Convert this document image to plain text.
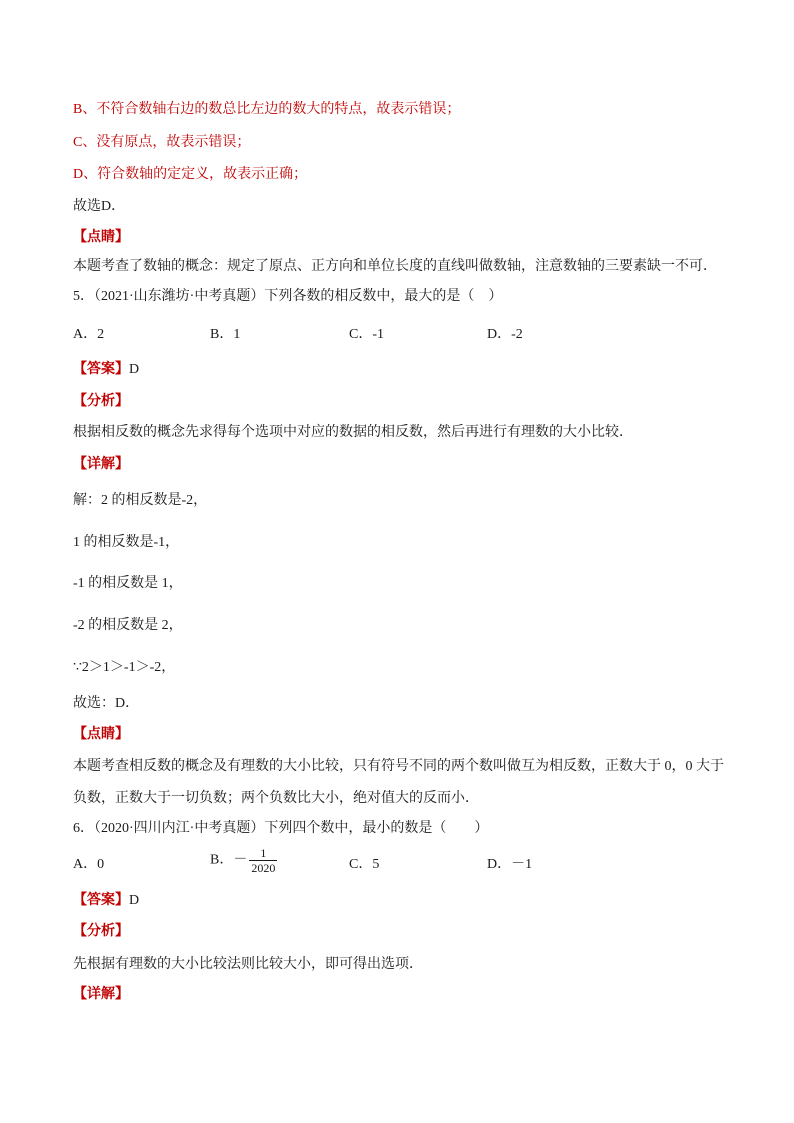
B、不符合数轴右边的数总比左边的数大的特点，故表示错误；
C、没有原点，故表示错误；
D、符合数轴的定定义，故表示正确；
故选D．
【点睛】
本题考查了数轴的概念：规定了原点、正方向和单位长度的直线叫做数轴，注意数轴的三要素缺一不可．
5．（2021·山东潍坊·中考真题）下列各数的相反数中，最大的是（　）
A．2	B．1	C．-1	D．-2
【答案】D
【分析】
根据相反数的概念先求得每个选项中对应的数据的相反数，然后再进行有理数的大小比较．
【详解】
解：2 的相反数是-2，
1 的相反数是-1，
-1 的相反数是 1，
-2 的相反数是 2，
∵2＞1＞-1＞-2，
故选：D．
【点睛】
本题考查相反数的概念及有理数的大小比较，只有符号不同的两个数叫做互为相反数，正数大于 0，0 大于
负数，正数大于一切负数；两个负数比大小，绝对值大的反而小．
6．（2020·四川内江·中考真题）下列四个数中，最小的数是（　　）
A．0	B．－ $\frac{1}{2020}$	C．5	D．－1
【答案】D
【分析】
先根据有理数的大小比较法则比较大小，即可得出选项．
【详解】
